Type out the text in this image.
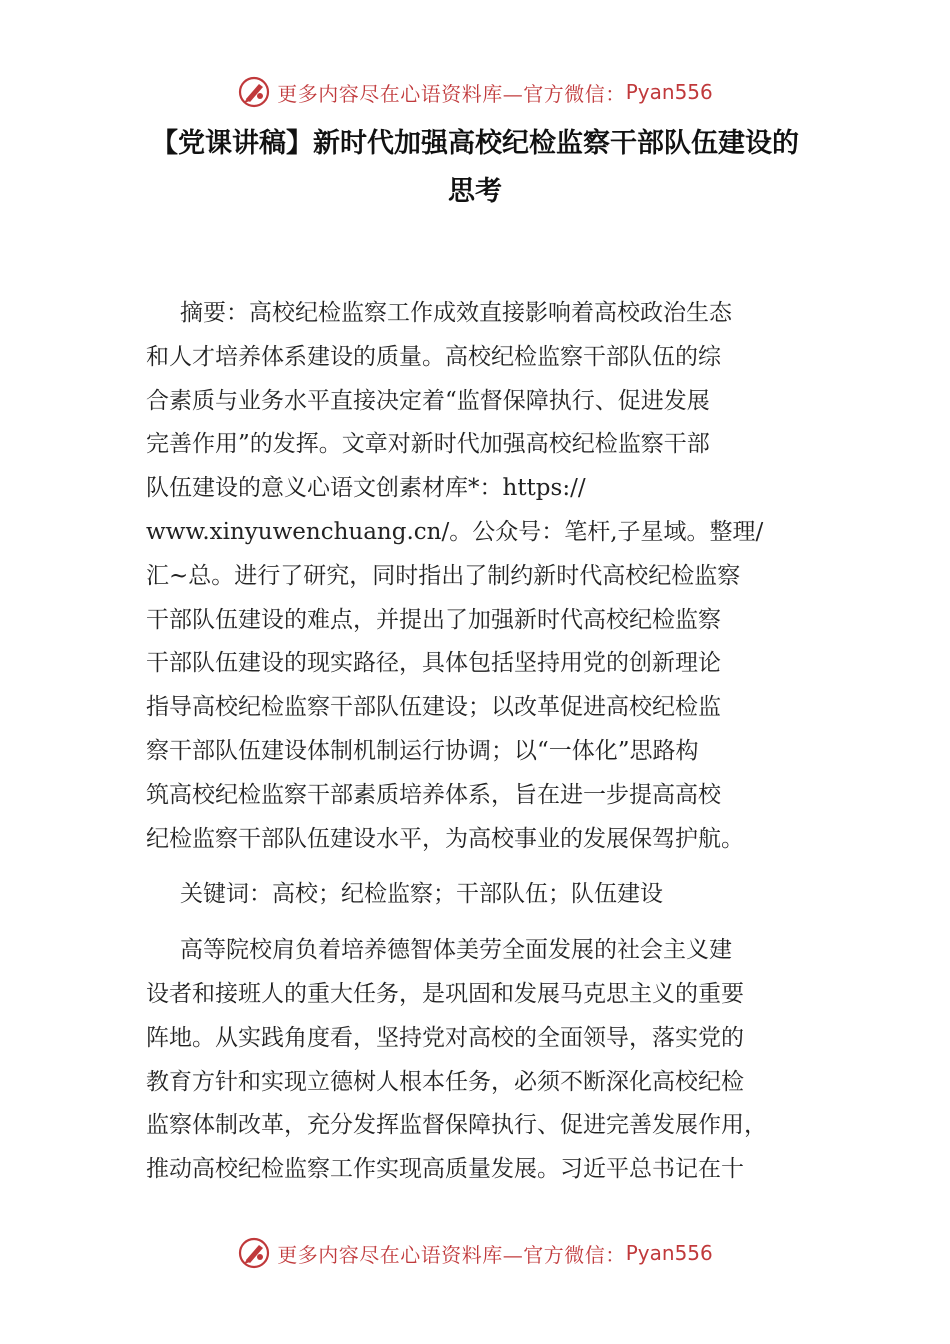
更多内容尽在心语资料库—官方微信： Pyan556
【党课讲稿】新时代加强高校纪检监察干部队伍建设的
思考

摘要：高校纪检监察工作成效直接影响着高校政治生态
和人才培养体系建设的质量。高校纪检监察干部队伍的综
合素质与业务水平直接决定着“监督保障执行、促进发展
完善作用”的发挥。文章对新时代加强高校纪检监察干部
队伍建设的意义心语文创素材库*：https://
www.xinyuwenchuang.cn/。公众号：笔杆,子星域。整理/
汇~总。进行了研究，同时指出了制约新时代高校纪检监察
干部队伍建设的难点，并提出了加强新时代高校纪检监察
干部队伍建设的现实路径，具体包括坚持用党的创新理论
指导高校纪检监察干部队伍建设；以改革促进高校纪检监
察干部队伍建设体制机制运行协调；以“一体化”思路构
筑高校纪检监察干部素质培养体系，旨在进一步提高高校
纪检监察干部队伍建设水平，为高校事业的发展保驾护航。

关键词：高校；纪检监察；干部队伍；队伍建设

高等院校肩负着培养德智体美劳全面发展的社会主义建
设者和接班人的重大任务，是巩固和发展马克思主义的重要
阵地。从实践角度看，坚持党对高校的全面领导，落实党的
教育方针和实现立德树人根本任务，必须不断深化高校纪检
监察体制改革，充分发挥监督保障执行、促进完善发展作用，
推动高校纪检监察工作实现高质量发展。习近平总书记在十

更多内容尽在心语资料库—官方微信： Pyan556
